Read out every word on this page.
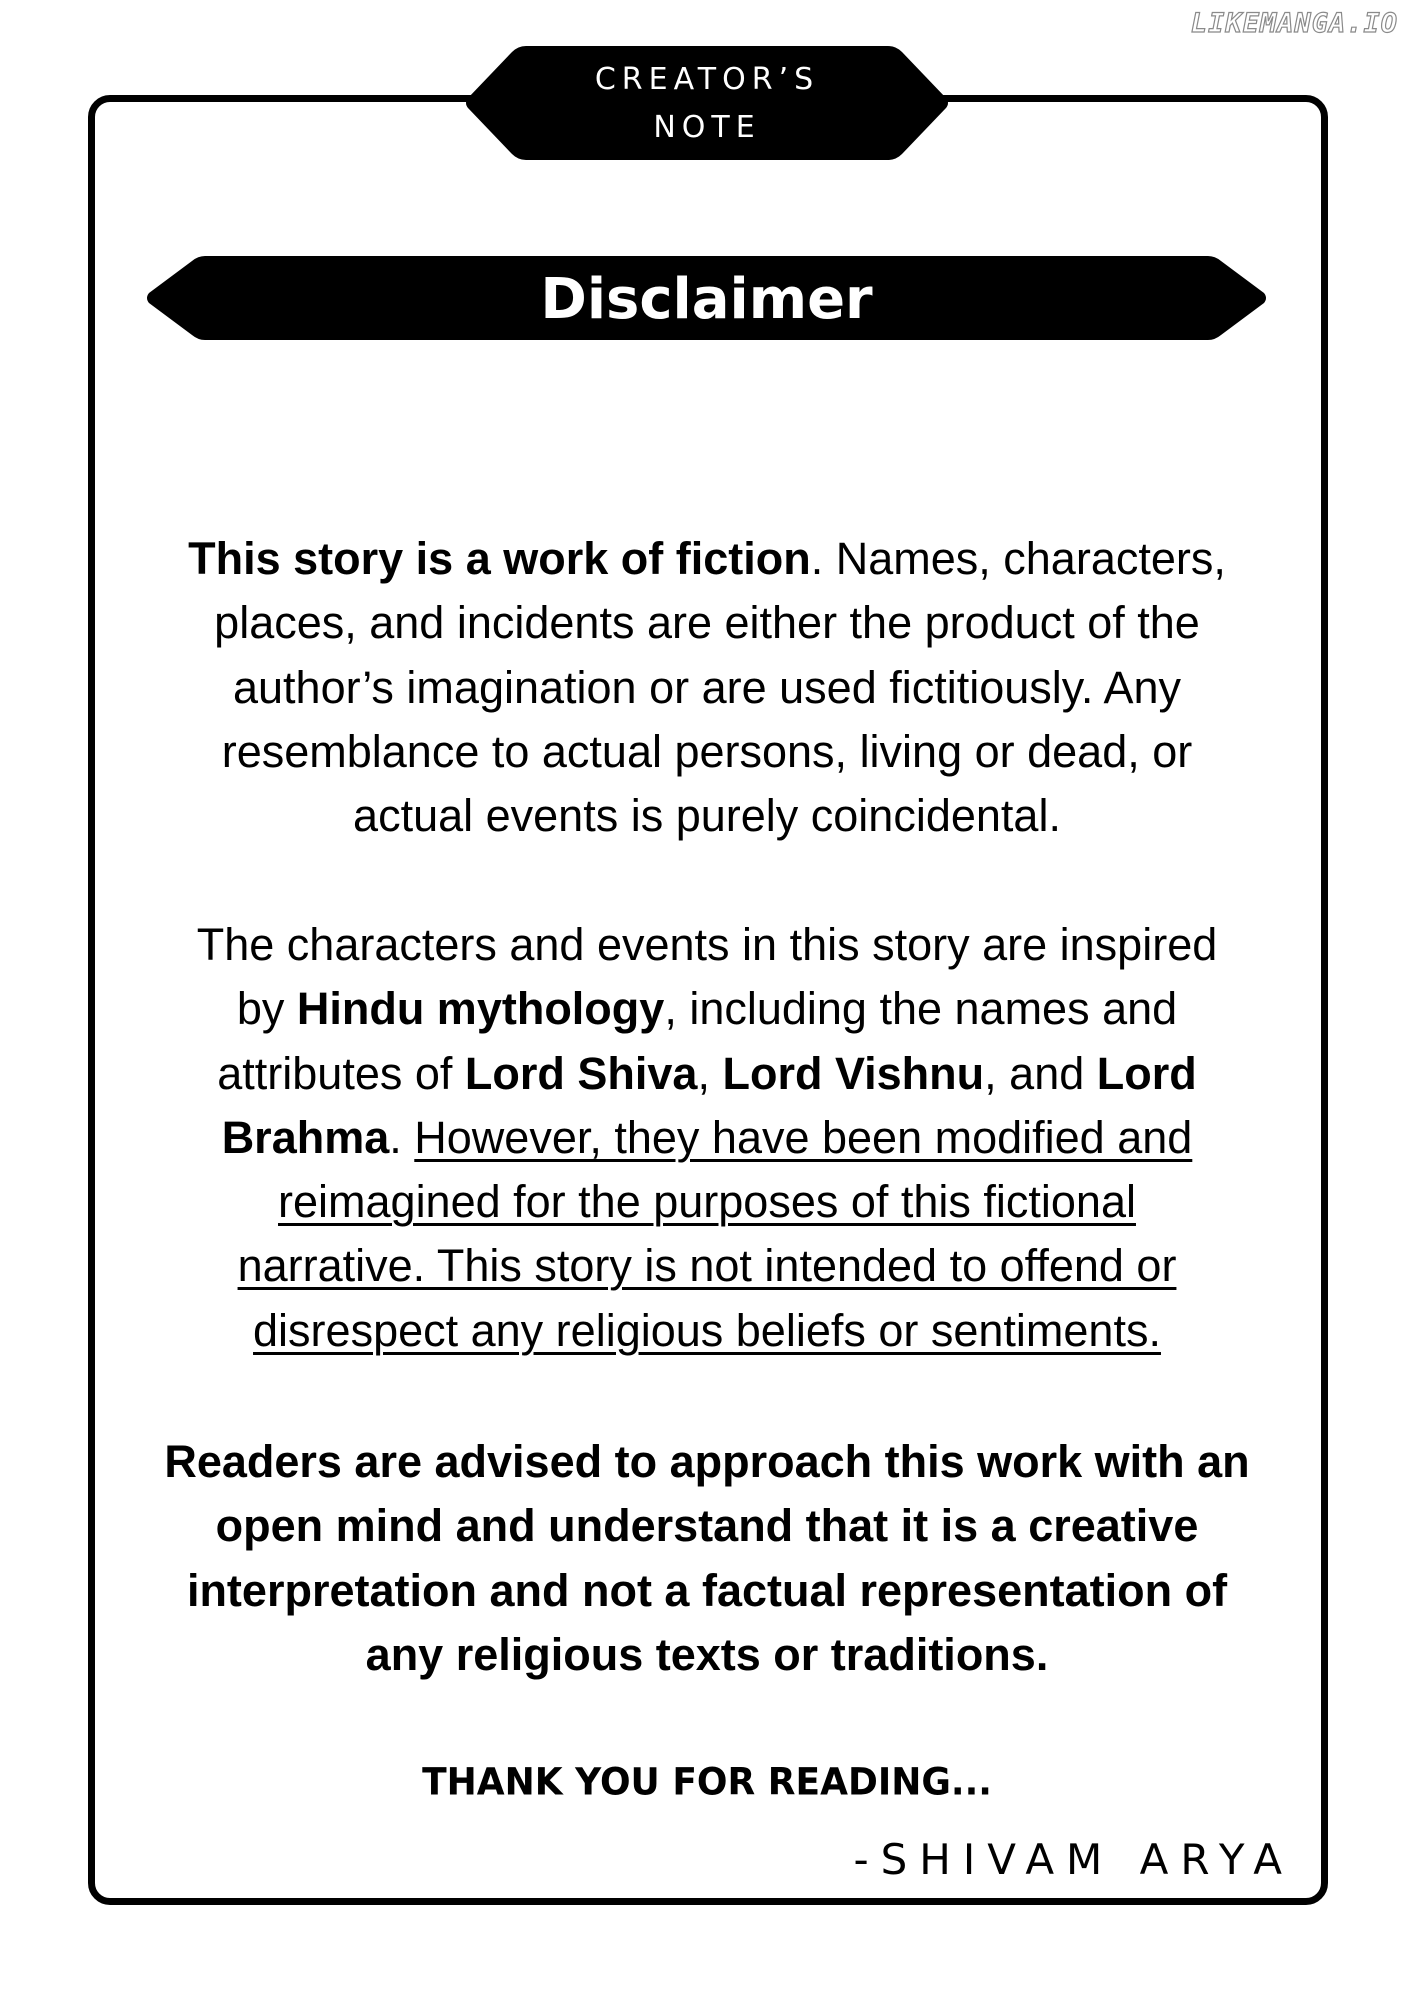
LIKEMANGA.IO
CREATOR’S
NOTE
Disclaimer
This story is a work of fiction. Names, characters,
places, and incidents are either the product of the
author’s imagination or are used fictitiously. Any
resemblance to actual persons, living or dead, or
actual events is purely coincidental.
The characters and events in this story are inspired
by Hindu mythology, including the names and
attributes of Lord Shiva, Lord Vishnu, and Lord
Brahma. However, they have been modified and
reimagined for the purposes of this fictional
narrative. This story is not intended to offend or
disrespect any religious beliefs or sentiments.
Readers are advised to approach this work with an
open mind and understand that it is a creative
interpretation and not a factual representation of
any religious texts or traditions.
THANK YOU FOR READING...
-SHIVAM ARYA
